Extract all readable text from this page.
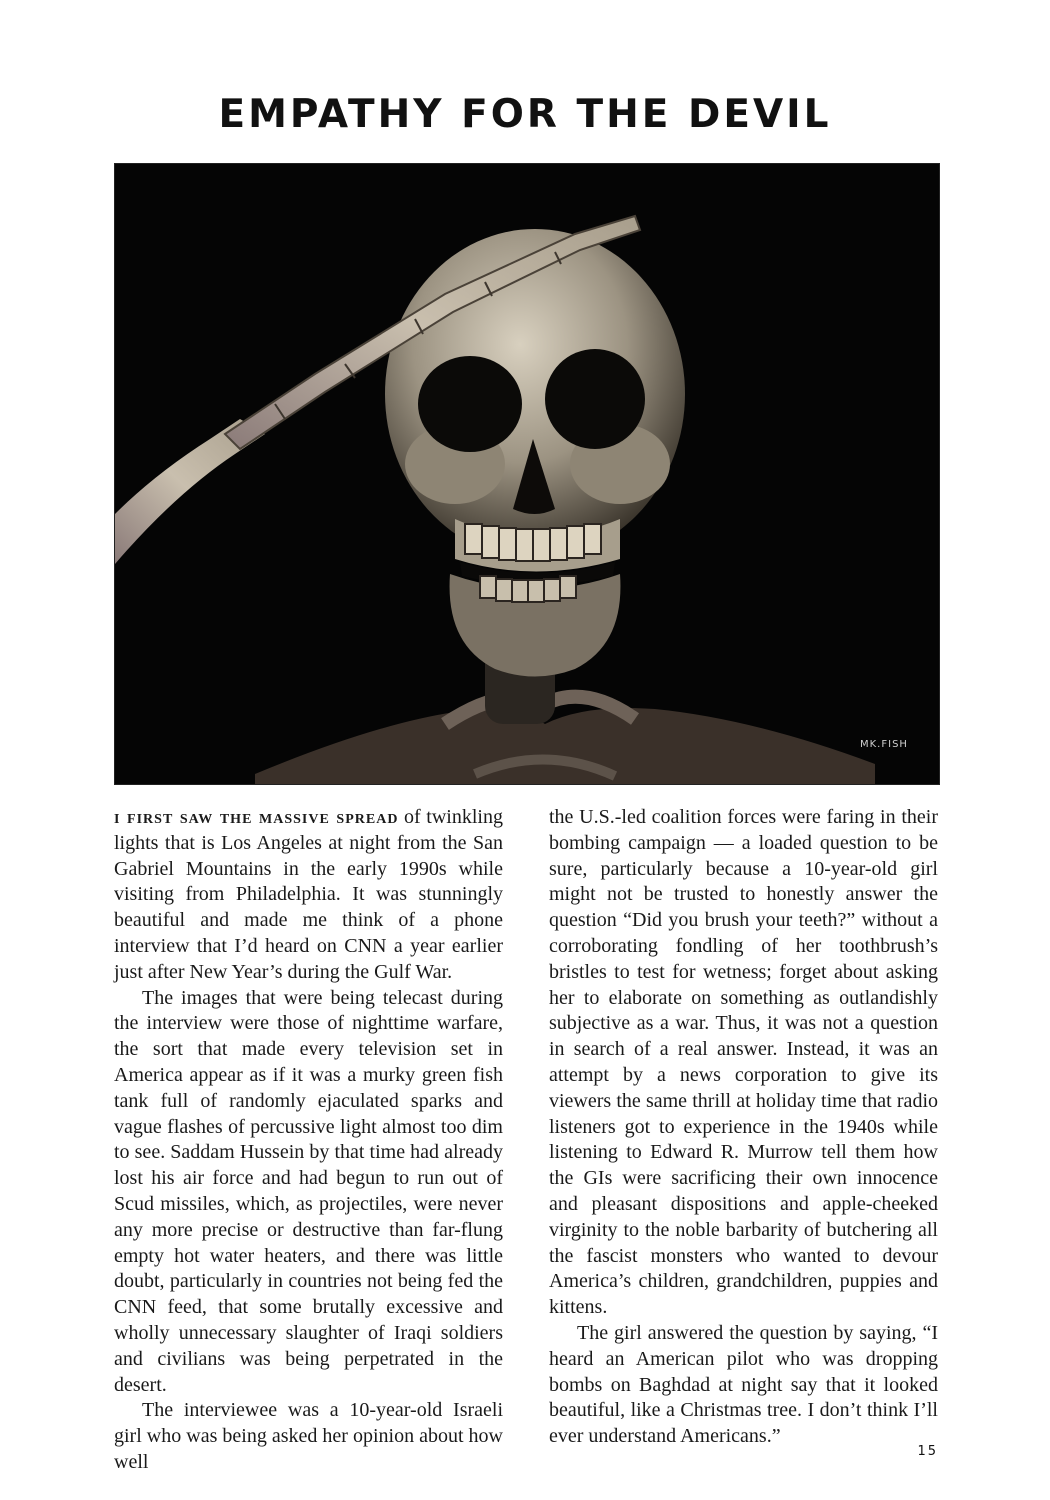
EMPATHY FOR THE DEVIL
MK.FISH

i first saw the massive spread of twinkling lights that is Los Angeles at night from the San Gabriel Mountains in the early 1990s while visiting from Philadelphia. It was stunningly beautiful and made me think of a phone interview that I’d heard on CNN a year earlier just after New Year’s during the Gulf War.

The images that were being telecast during the interview were those of nighttime warfare, the sort that made every television set in America appear as if it was a murky green fish tank full of randomly ejaculated sparks and vague flashes of percussive light almost too dim to see. Saddam Hussein by that time had already lost his air force and had begun to run out of Scud missiles, which, as projectiles, were never any more precise or destructive than far-flung empty hot water heaters, and there was little doubt, particularly in countries not being fed the CNN feed, that some brutally excessive and wholly unnecessary slaughter of Iraqi soldiers and civilians was being perpetrated in the desert.

The interviewee was a 10-year-old Israeli girl who was being asked her opinion about how well

the U.S.-led coalition forces were faring in their bombing campaign — a loaded question to be sure, particularly because a 10-year-old girl might not be trusted to honestly answer the question “Did you brush your teeth?” without a corroborating fondling of her toothbrush’s bristles to test for wetness; forget about asking her to elaborate on something as outlandishly subjective as a war. Thus, it was not a question in search of a real answer. Instead, it was an attempt by a news corporation to give its viewers the same thrill at holiday time that radio listeners got to experience in the 1940s while listening to Edward R. Murrow tell them how the GIs were sacrificing their own innocence and pleasant dispositions and apple-cheeked virginity to the noble barbarity of butchering all the fascist monsters who wanted to devour America’s children, grandchildren, puppies and kittens.

The girl answered the question by saying, “I heard an American pilot who was dropping bombs on Baghdad at night say that it looked beautiful, like a Christmas tree. I don’t think I’ll ever understand Americans.”

15
